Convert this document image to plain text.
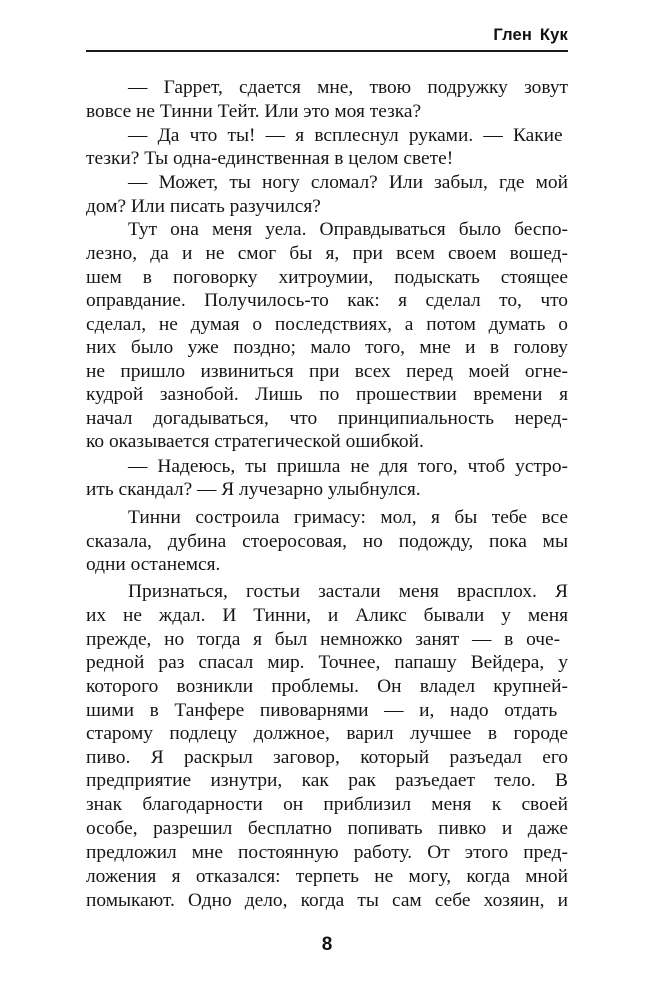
Глен Кук
— Гаррет, сдается мне, твою подружку зовут
вовсе не Тинни Тейт. Или это моя тезка?
— Да что ты! — я всплеснул руками. — Какие
тезки? Ты одна-единственная в целом свете!
— Может, ты ногу сломал? Или забыл, где мой
дом? Или писать разучился?
Тут она меня уела. Оправдываться было беспо-
лезно, да и не смог бы я, при всем своем вошед-
шем в поговорку хитроумии, подыскать стоящее
оправдание. Получилось-то как: я сделал то, что
сделал, не думая о последствиях, а потом думать о
них было уже поздно; мало того, мне и в голову
не пришло извиниться при всех перед моей огне-
кудрой зазнобой. Лишь по прошествии времени я
начал догадываться, что принципиальность неред-
ко оказывается стратегической ошибкой.
— Надеюсь, ты пришла не для того, чтоб устро-
ить скандал? — Я лучезарно улыбнулся.
Тинни состроила гримасу: мол, я бы тебе все
сказала, дубина стоеросовая, но подожду, пока мы
одни останемся.
Признаться, гостьи застали меня врасплох. Я
их не ждал. И Тинни, и Аликс бывали у меня
прежде, но тогда я был немножко занят — в оче-
редной раз спасал мир. Точнее, папашу Вейдера, у
которого возникли проблемы. Он владел крупней-
шими в Танфере пивоварнями — и, надо отдать
старому подлецу должное, варил лучшее в городе
пиво. Я раскрыл заговор, который разъедал его
предприятие изнутри, как рак разъедает тело. В
знак благодарности он приблизил меня к своей
особе, разрешил бесплатно попивать пивко и даже
предложил мне постоянную работу. От этого пред-
ложения я отказался: терпеть не могу, когда мной
помыкают. Одно дело, когда ты сам себе хозяин, и
8
